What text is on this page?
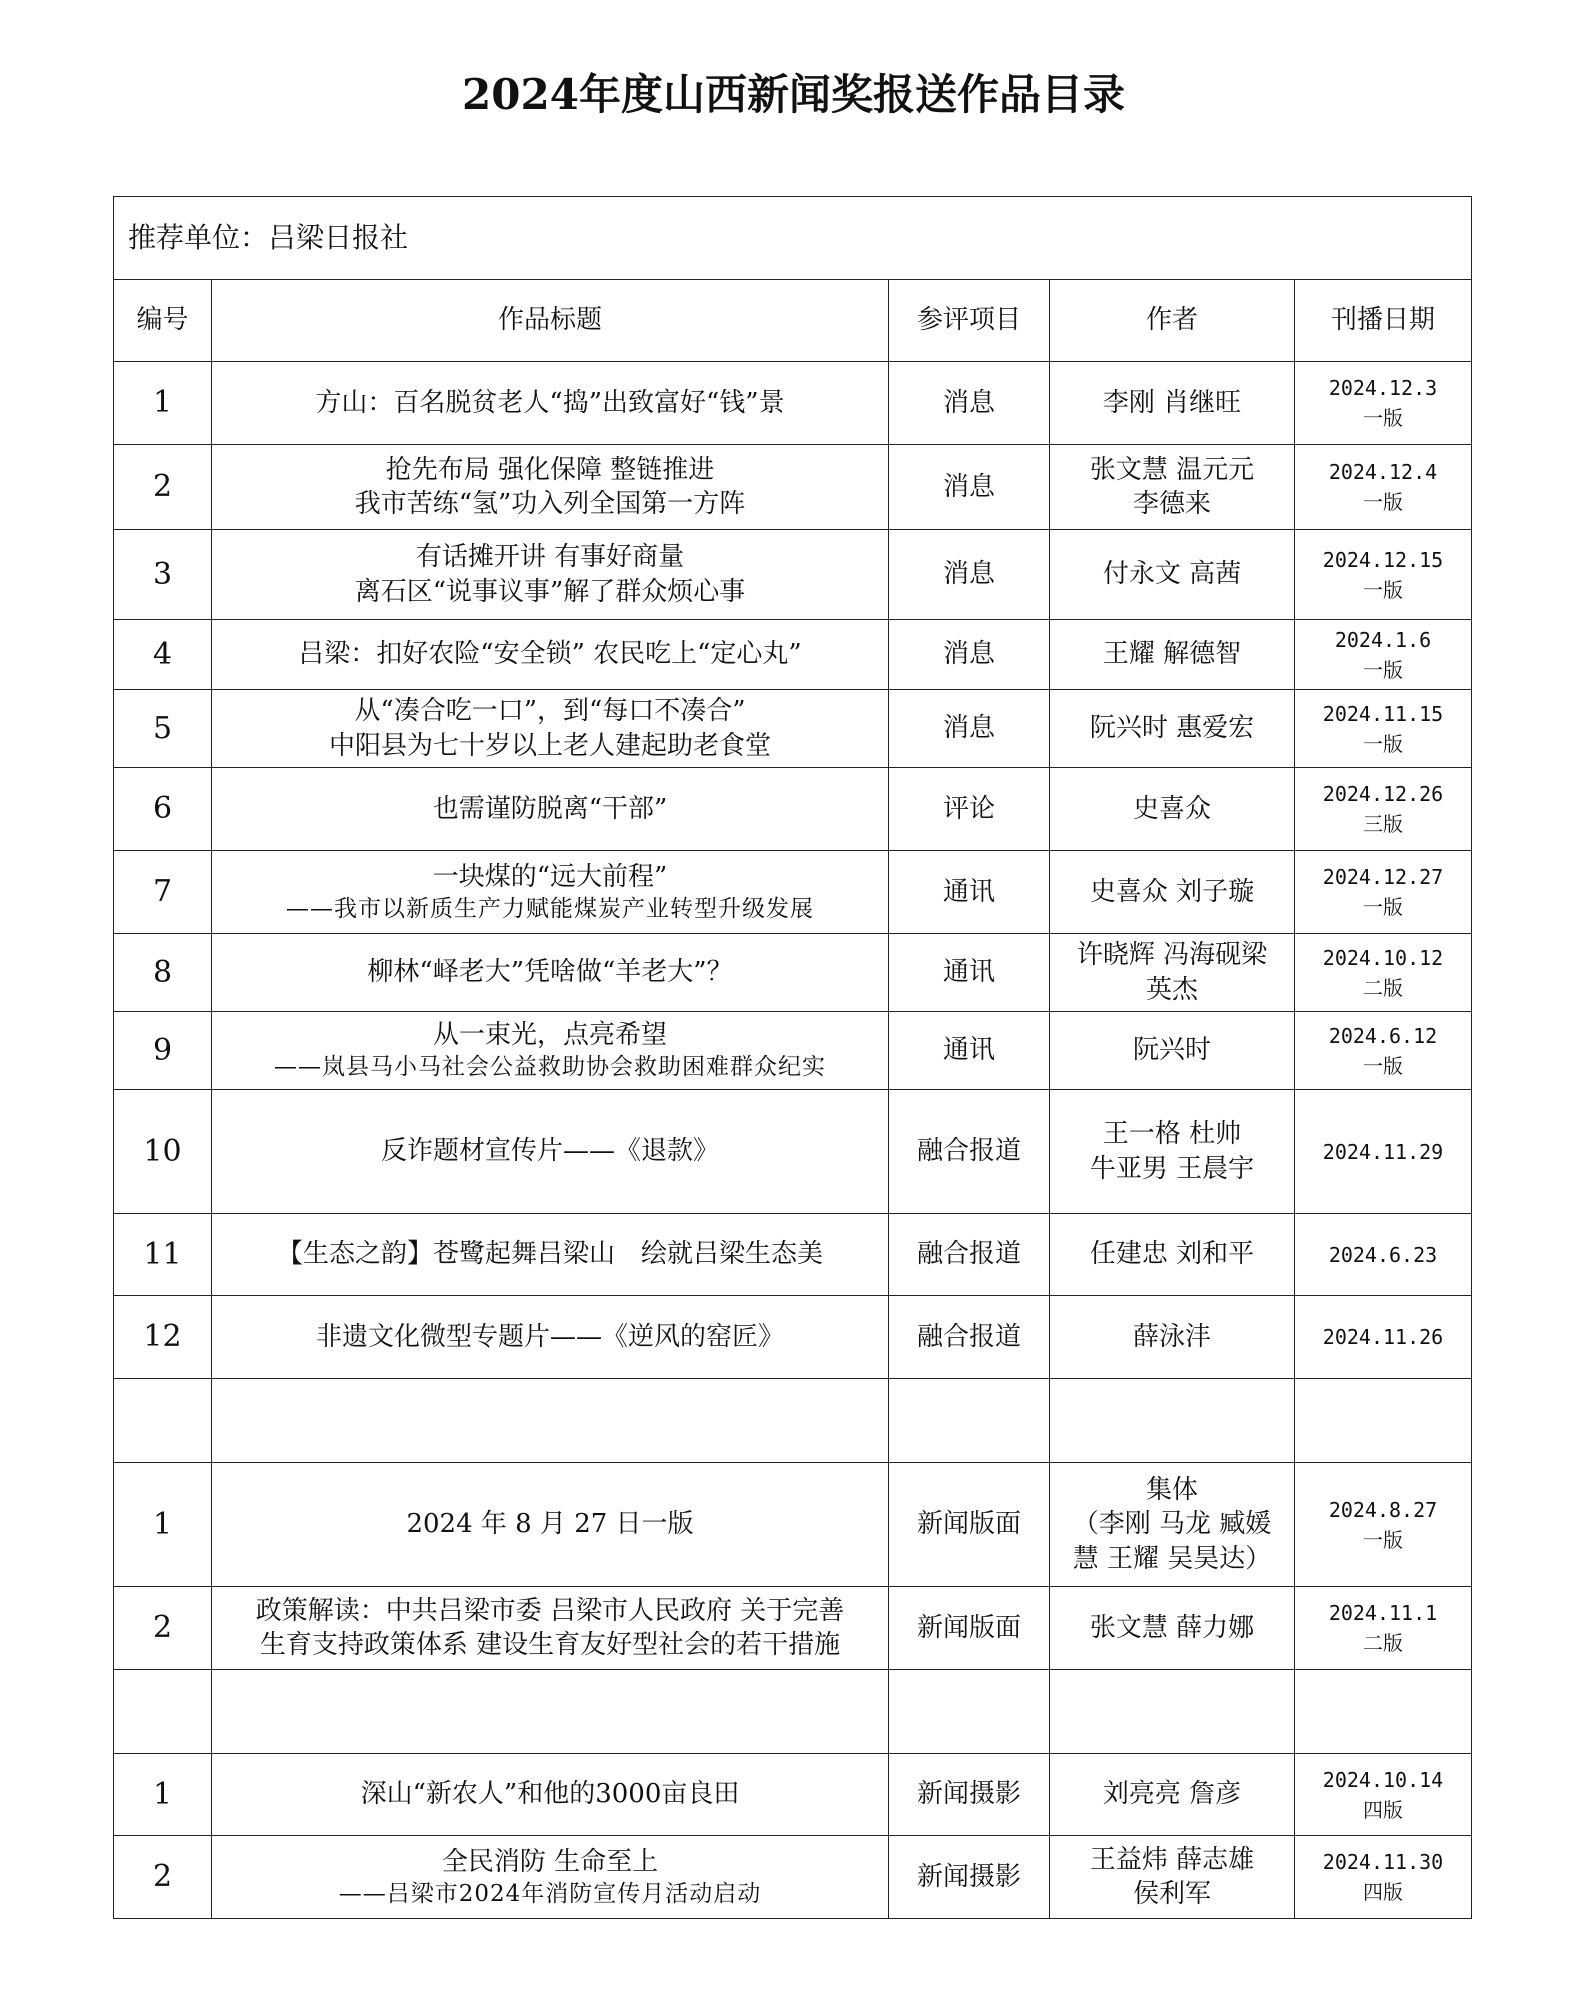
2024年度山西新闻奖报送作品目录
推荐单位：吕梁日报社				
编号	作品标题	参评项目	作者	刊播日期
1	方山：百名脱贫老人“捣”出致富好“钱”景	消息	李刚 肖继旺	2024.12.3
一版

2	抢先布局 强化保障 整链推进
我市苦练“氢”功入列全国第一方阵	消息	张文慧 温元元
李德来	2024.12.4
一版

3	有话摊开讲 有事好商量
离石区“说事议事”解了群众烦心事	消息	付永文 高茜	2024.12.15
一版

4	吕梁：扣好农险“安全锁” 农民吃上“定心丸”	消息	王耀 解德智	2024.1.6
一版

5	从“凑合吃一口”，到“每口不凑合”
中阳县为七十岁以上老人建起助老食堂	消息	阮兴时 惠爱宏	2024.11.15
一版

6	也需谨防脱离“干部”	评论	史喜众	2024.12.26
三版

7	一块煤的“远大前程”
——我市以新质生产力赋能煤炭产业转型升级发展	通讯	史喜众 刘子璇	2024.12.27
一版

8	柳林“峄老大”凭啥做“羊老大”？	通讯	许晓辉 冯海砚梁
英杰	2024.10.12
二版

9	从一束光，点亮希望
——岚县马小马社会公益救助协会救助困难群众纪实	通讯	阮兴时	2024.6.12
一版

10	反诈题材宣传片——《退款》	融合报道	王一格 杜帅
牛亚男 王晨宇	2024.11.29

11	【生态之韵】苍鹭起舞吕梁山　绘就吕梁生态美	融合报道	任建忠 刘和平	2024.6.23

12	非遗文化微型专题片——《逆风的窑匠》	融合报道	薛泳沣	2024.11.26

1	2024 年 8 月 27 日一版	新闻版面	集体
（李刚 马龙 臧媛
慧 王耀 吴昊达）	2024.8.27
一版

2	政策解读：中共吕梁市委 吕梁市人民政府 关于完善
生育支持政策体系 建设生育友好型社会的若干措施	新闻版面	张文慧 薛力娜	2024.11.1
二版

1	深山“新农人”和他的3000亩良田	新闻摄影	刘亮亮 詹彦	2024.10.14
四版

2	全民消防 生命至上
——吕梁市2024年消防宣传月活动启动	新闻摄影	王益炜 薛志雄
侯利军	2024.11.30
四版
